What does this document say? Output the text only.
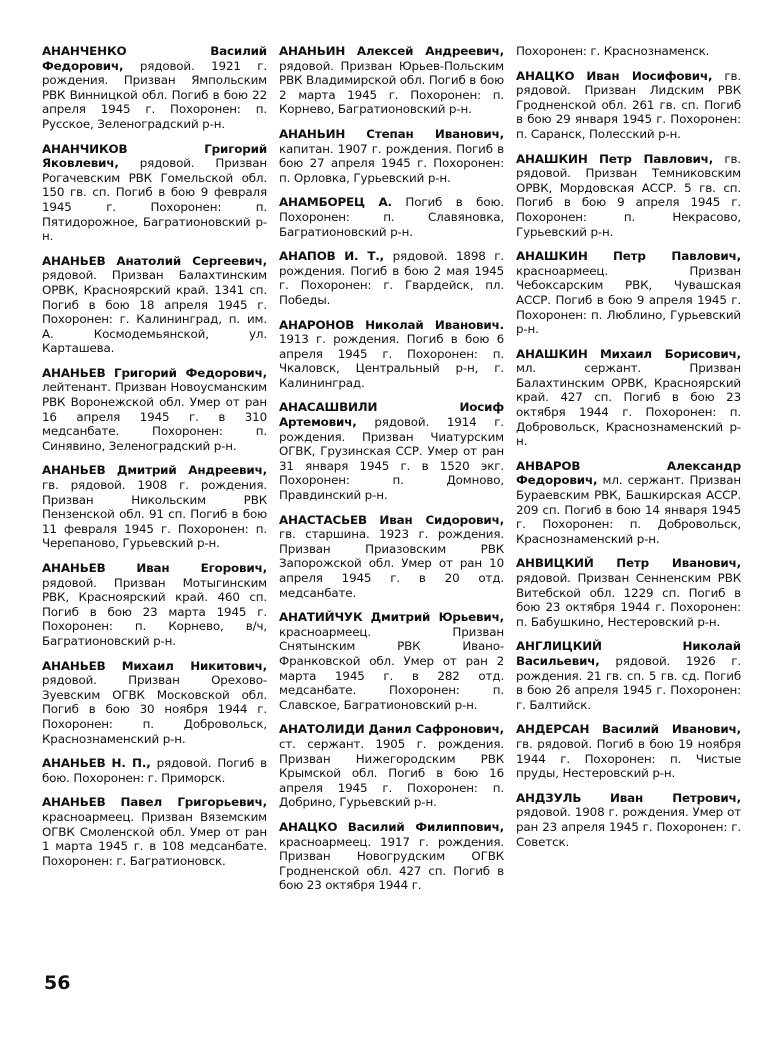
АНАНЧЕНКО	Василий Федорович, рядовой. 1921 г. рождения. Призван Ямпольским РВК Винницкой обл. Погиб в бою 22 апреля 1945 г. Похоронен: п. Русское, Зеленоградский р-н.

АНАНЧИКОВ	Григорий Яковлевич, рядовой. Призван Рогачевским РВК Гомельской обл. 150 гв. сп. Погиб в бою 9 февраля 1945 г. Похоронен: п. Пятидорожное, Багратионовский р-н.

АНАНЬЕВ Анатолий Сергеевич, рядовой. Призван Балахтинским ОРВК, Красноярский край. 1341 сп. Погиб в бою 18 апреля 1945 г. Похоронен: г. Калининград, п. им. А. Космодемьянской, ул. Карташева.

АНАНЬЕВ Григорий Федорович, лейтенант. Призван Новоусманским РВК Воронежской обл. Умер от ран 16 апреля 1945 г. в 310 медсанбате. Похоронен: п. Синявино, Зеленоградский р-н.

АНАНЬЕВ Дмитрий Андреевич, гв. рядовой. 1908 г. рождения. Призван Никольским РВК Пензенской обл. 91 сп. Погиб в бою 11 февраля 1945 г. Похоронен: п. Черепаново, Гурьевский р-н.

АНАНЬЕВ	Иван Егорович, рядовой. Призван Мотыгинским РВК, Красноярский край. 460 сп. Погиб в бою 23 марта 1945 г. Похоронен: п. Корнево, в/ч, Багратионовский р-н.

АНАНЬЕВ Михаил Никитович, рядовой. Призван Орехово-Зуевским ОГВК Московской обл. Погиб в бою 30 ноября 1944 г. Похоронен: п. Добровольск, Краснознаменский р-н.

АНАНЬЕВ Н. П., рядовой. Погиб в бою. Похоронен: г. Приморск.

АНАНЬЕВ Павел Григорьевич, красноармеец. Призван Вяземским ОГВК Смоленской обл. Умер от ран 1 марта 1945 г. в 108 медсанбате. Похоронен: г. Багратионовск.

АНАНЬИН Алексей Андреевич, рядовой. Призван Юрьев-Польским РВК Владимирской обл. Погиб в бою 2 марта 1945 г. Похоронен: п. Корнево, Багратионовский р-н.

АНАНЬИН Степан Иванович, капитан. 1907 г. рождения. Погиб в бою 27 апреля 1945 г. Похоронен: п. Орловка, Гурьевский р-н.

АНАМБОРЕЦ А. Погиб в бою. Похоронен: п. Славяновка, Багратионовский р-н.

АНАПОВ И. Т., рядовой. 1898 г. рождения. Погиб в бою 2 мая 1945 г. Похоронен: г. Гвардейск, пл. Победы.

АНАРОНОВ Николай Иванович. 1913 г. рождения. Погиб в бою 6 апреля 1945 г. Похоронен: п. Чкаловск, Центральный р-н, г. Калининград.

АНАСАШВИЛИ	Иосиф Артемович, рядовой. 1914 г. рождения. Призван Чиатурским ОГВК, Грузинская ССР. Умер от ран 31 января 1945 г. в 1520 экг. Похоронен: п. Домново, Правдинский р-н.

АНАСТАСЬЕВ Иван Сидорович, гв. старшина. 1923 г. рождения. Призван Приазовским РВК Запорожской обл. Умер от ран 10 апреля 1945 г. в 20 отд. медсанбате.

АНАТИЙЧУК Дмитрий Юрьевич, красноармеец. Призван Снятынским РВК Ивано-Франковской обл. Умер от ран 2 марта 1945 г. в 282 отд. медсанбате. Похоронен: п. Славское, Багратионовский р-н.

АНАТОЛИДИ Данил Сафронович, ст. сержант. 1905 г. рождения. Призван Нижегородским РВК Крымской обл. Погиб в бою 16 апреля 1945 г. Похоронен: п. Добрино, Гурьевский р-н.

АНАЦКО Василий Филиппович, красноармеец. 1917 г. рождения. Призван Новогрудским ОГВК Гродненской обл. 427 сп. Погиб в бою 23 октября 1944 г.

Похоронен: г. Краснознаменск.

АНАЦКО Иван Иосифович, гв. рядовой. Призван Лидским РВК Гродненской обл. 261 гв. сп. Погиб в бою 29 января 1945 г. Похоронен: п. Саранск, Полесский р-н.

АНАШКИН Петр Павлович, гв. рядовой. Призван Темниковским ОРВК, Мордовская АССР. 5 гв. сп. Погиб в бою 9 апреля 1945 г. Похоронен: п. Некрасово, Гурьевский р-н.

АНАШКИН Петр Павлович, красноармеец. Призван Чебоксарским РВК, Чувашская АССР. Погиб в бою 9 апреля 1945 г. Похоронен: п. Люблино, Гурьевский р-н.

АНАШКИН Михаил Борисович, мл. сержант. Призван Балахтинским ОРВК, Красноярский край. 427 сп. Погиб в бою 23 октября 1944 г. Похоронен: п. Добровольск, Краснознаменский р-н.

АНВАРОВ	Александр Федорович, мл. сержант. Призван Бураевским РВК, Башкирская АССР. 209 сп. Погиб в бою 14 января 1945 г. Похоронен: п. Добровольск, Краснознаменский р-н.

АНВИЦКИЙ Петр Иванович, рядовой. Призван Сенненским РВК Витебской обл. 1229 сп. Погиб в бою 23 октября 1944 г. Похоронен: п. Бабушкино, Нестеровский р-н.

АНГЛИЦКИЙ	Николай Васильевич, рядовой. 1926 г. рождения. 21 гв. сп. 5 гв. сд. Погиб в бою 26 апреля 1945 г. Похоронен: г. Балтийск.

АНДЕРСАН Василий Иванович, гв. рядовой. Погиб в бою 19 ноября 1944 г. Похоронен: п. Чистые пруды, Нестеровский р-н.

АНДЗУЛЬ Иван Петрович, рядовой. 1908 г. рождения. Умер от ран 23 апреля 1945 г. Похоронен: г. Советск.

56
